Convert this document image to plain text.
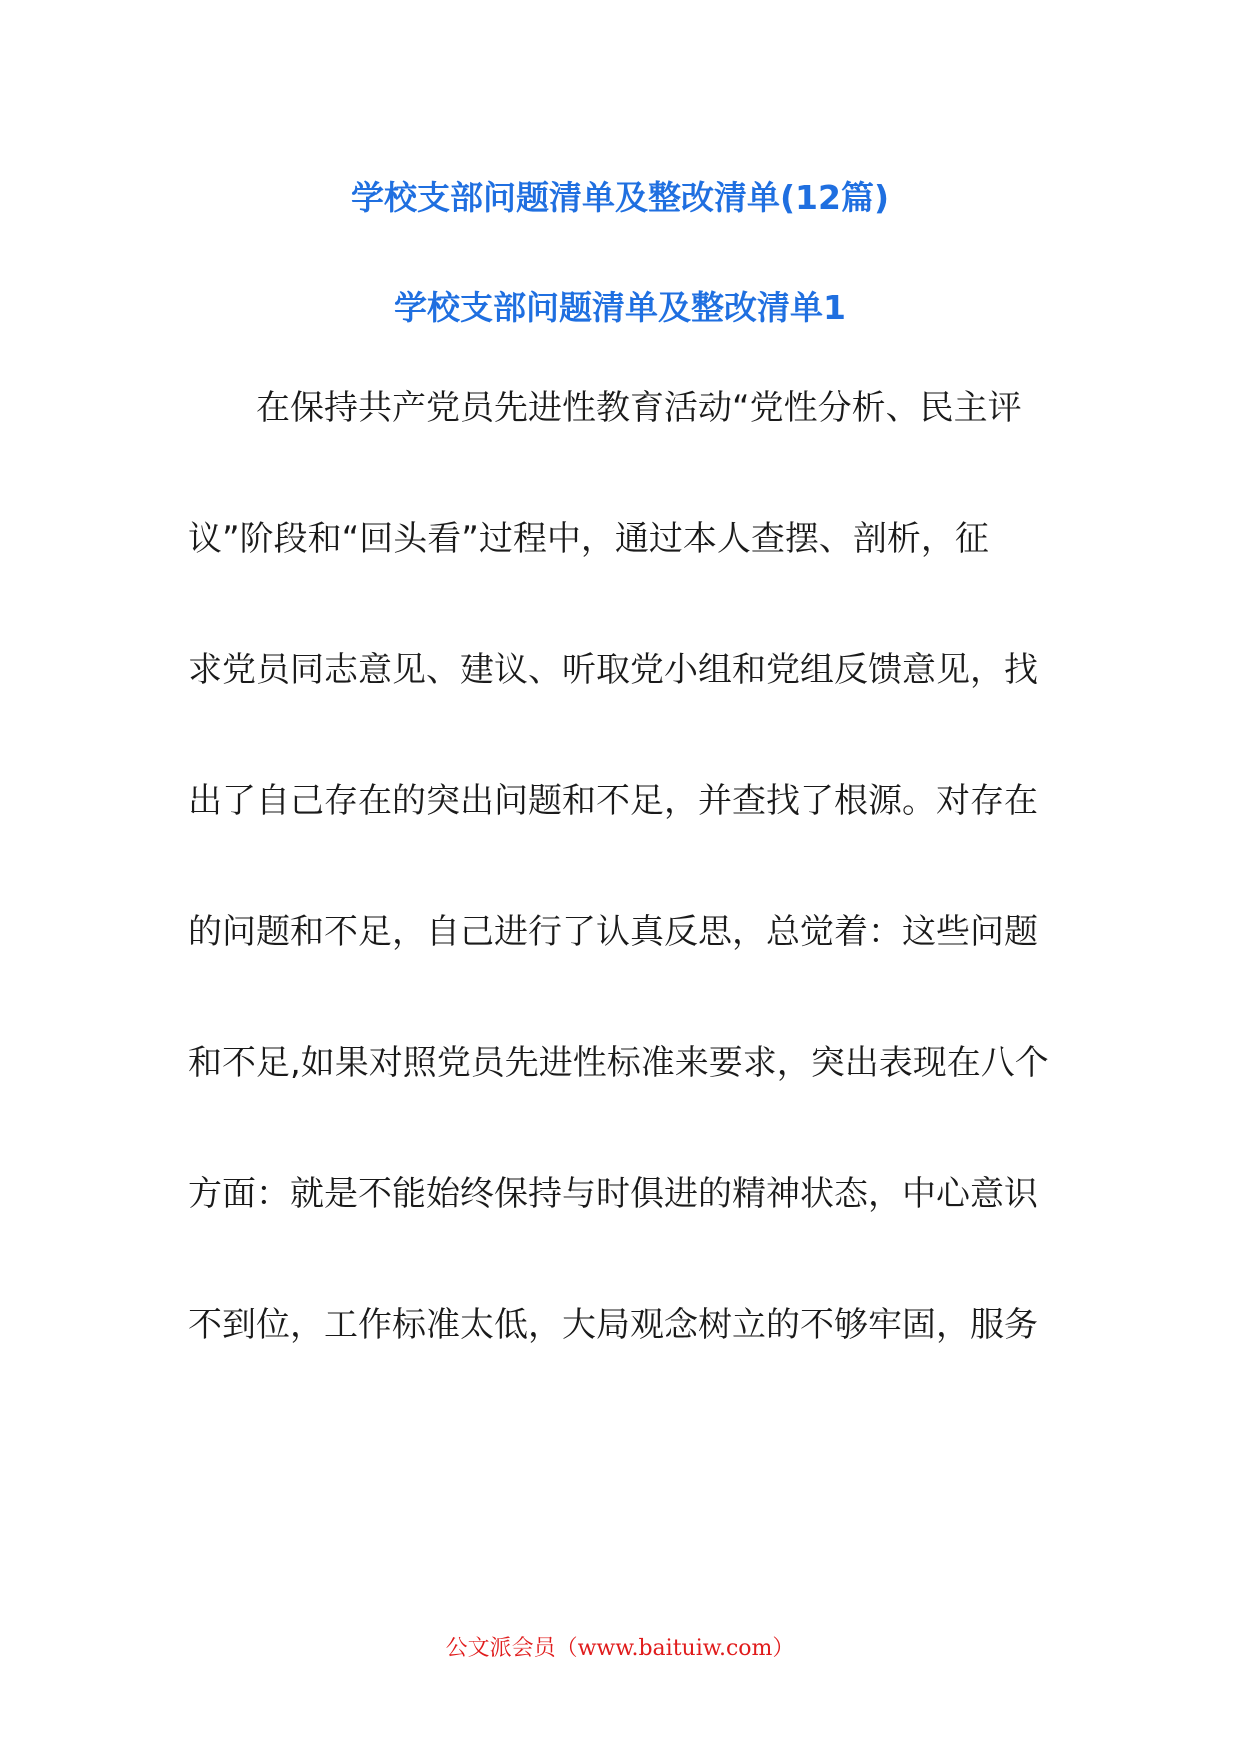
学校支部问题清单及整改清单(12篇)
学校支部问题清单及整改清单1
在保持共产党员先进性教育活动“党性分析、民主评
议”阶段和“回头看”过程中，通过本人查摆、剖析，征
求党员同志意见、建议、听取党小组和党组反馈意见，找
出了自己存在的突出问题和不足，并查找了根源。对存在
的问题和不足，自己进行了认真反思，总觉着：这些问题
和不足,如果对照党员先进性标准来要求，突出表现在八个
方面：就是不能始终保持与时俱进的精神状态，中心意识
不到位，工作标准太低，大局观念树立的不够牢固，服务
公文派会员（www.baituiw.com）
